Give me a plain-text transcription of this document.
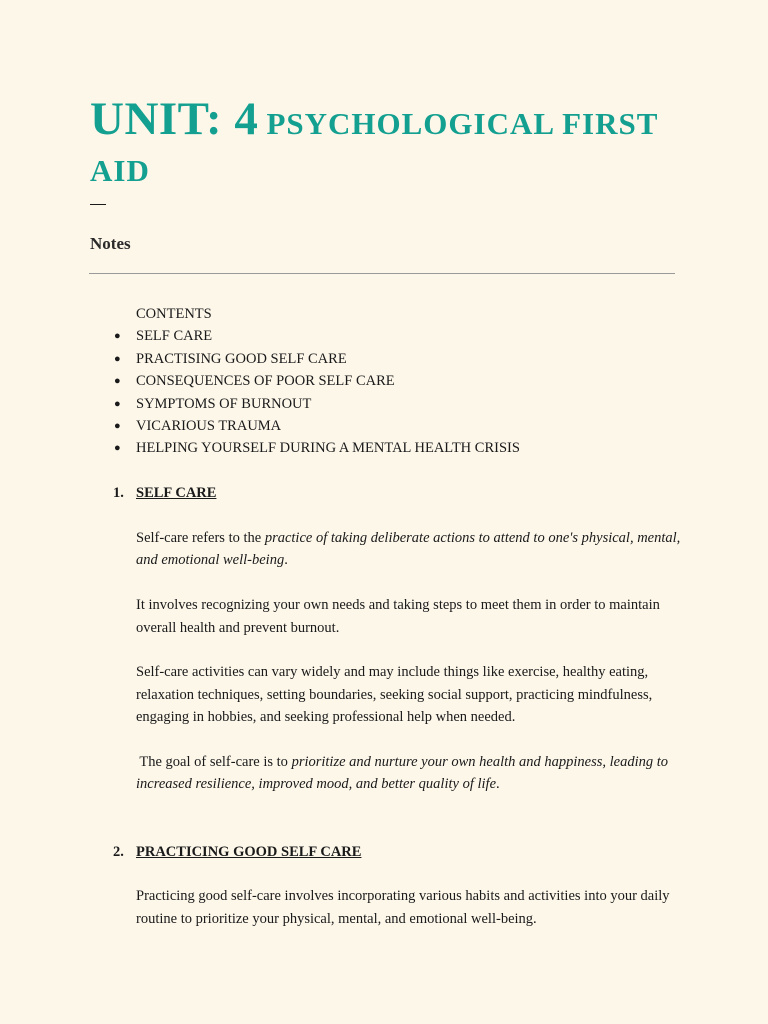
UNIT: 4 PSYCHOLOGICAL FIRST
AID
Notes
CONTENTS
● SELF CARE
● PRACTISING GOOD SELF CARE
● CONSEQUENCES OF POOR SELF CARE
● SYMPTOMS OF BURNOUT
● VICARIOUS TRAUMA
● HELPING YOURSELF DURING A MENTAL HEALTH CRISIS
1. SELF CARE

Self-care refers to the practice of taking deliberate actions to attend to one's physical, mental, and emotional well-being.

It involves recognizing your own needs and taking steps to meet them in order to maintain overall health and prevent burnout.

Self-care activities can vary widely and may include things like exercise, healthy eating, relaxation techniques, setting boundaries, seeking social support, practicing mindfulness, engaging in hobbies, and seeking professional help when needed.

The goal of self-care is to prioritize and nurture your own health and happiness, leading to increased resilience, improved mood, and better quality of life.

2. PRACTICING GOOD SELF CARE

Practicing good self-care involves incorporating various habits and activities into your daily routine to prioritize your physical, mental, and emotional well-being.
